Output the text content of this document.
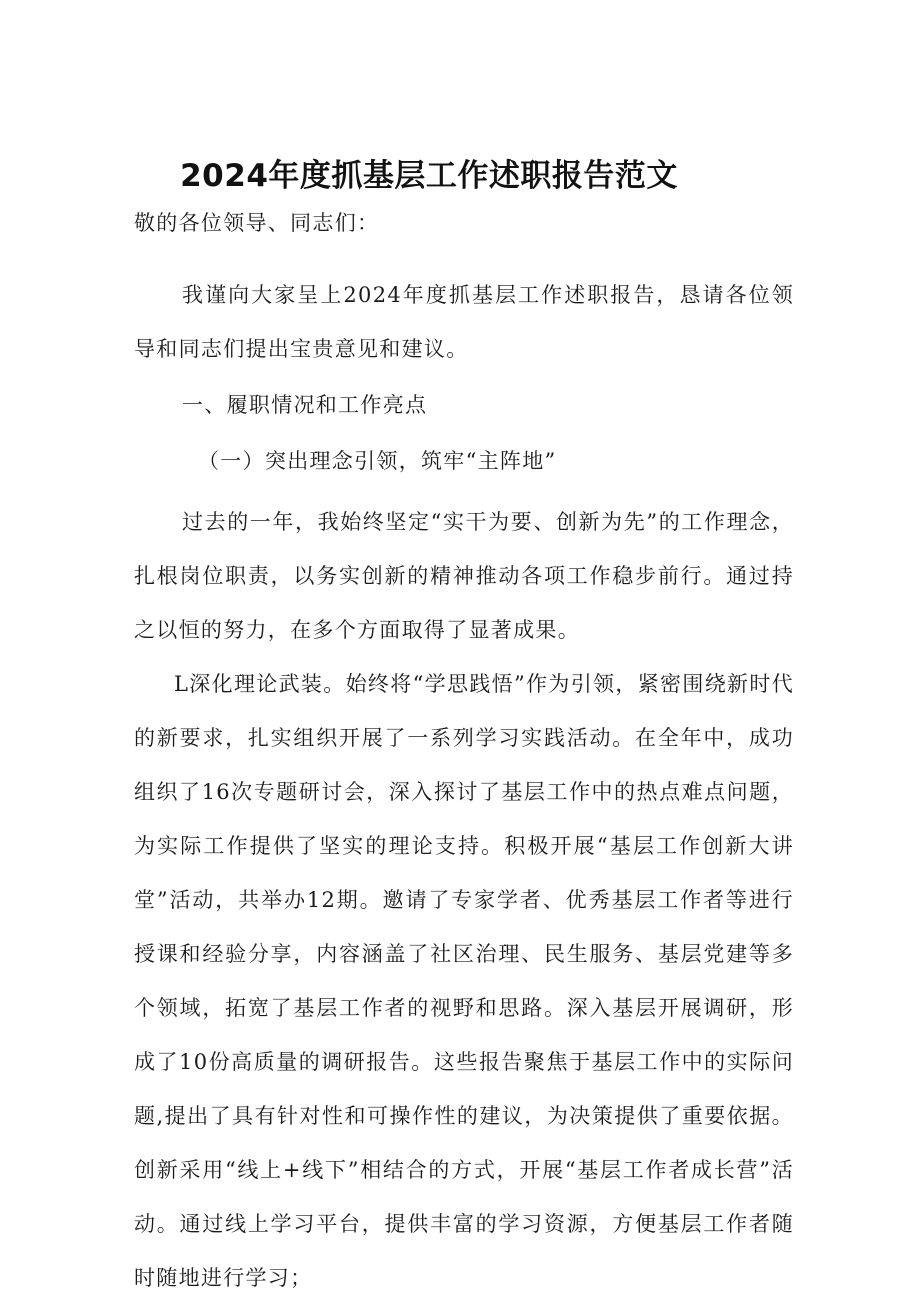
2024年度抓基层工作述职报告范文

敬的各位领导、同志们：

我谨向大家呈上2024年度抓基层工作述职报告，恳请各位领导和同志们提出宝贵意见和建议。

一、履职情况和工作亮点

（一）突出理念引领，筑牢“主阵地”

过去的一年，我始终坚定“实干为要、创新为先”的工作理念，扎根岗位职责，以务实创新的精神推动各项工作稳步前行。通过持之以恒的努力，在多个方面取得了显著成果。

L深化理论武装。始终将“学思践悟”作为引领，紧密围绕新时代的新要求，扎实组织开展了一系列学习实践活动。在全年中，成功组织了16次专题研讨会，深入探讨了基层工作中的热点难点问题，为实际工作提供了坚实的理论支持。积极开展“基层工作创新大讲堂”活动，共举办12期。邀请了专家学者、优秀基层工作者等进行授课和经验分享，内容涵盖了社区治理、民生服务、基层党建等多个领域，拓宽了基层工作者的视野和思路。深入基层开展调研，形成了10份高质量的调研报告。这些报告聚焦于基层工作中的实际问题,提出了具有针对性和可操作性的建议，为决策提供了重要依据。创新采用“线上+线下”相结合的方式，开展“基层工作者成长营”活动。通过线上学习平台，提供丰富的学习资源，方便基层工作者随时随地进行学习；
